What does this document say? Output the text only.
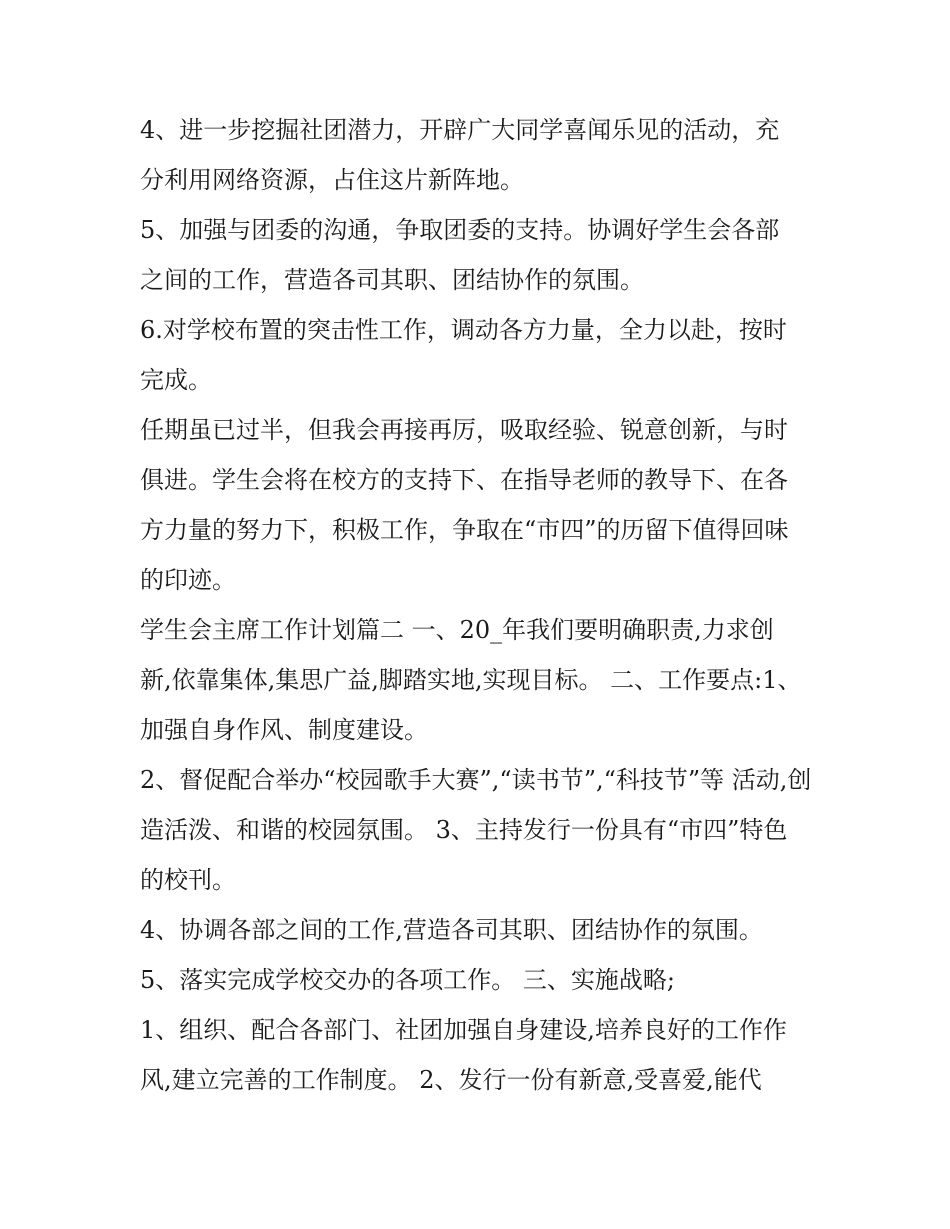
4、进一步挖掘社团潜力，开辟广大同学喜闻乐见的活动，充
分利用网络资源，占住这片新阵地。
5、加强与团委的沟通，争取团委的支持。协调好学生会各部
之间的工作，营造各司其职、团结协作的氛围。
6.对学校布置的突击性工作，调动各方力量，全力以赴，按时
完成。
任期虽已过半，但我会再接再厉，吸取经验、锐意创新，与时
俱进。学生会将在校方的支持下、在指导老师的教导下、在各
方力量的努力下，积极工作，争取在“市四”的历留下值得回味
的印迹。
学生会主席工作计划篇二 一、20_年我们要明确职责,力求创
新,依靠集体,集思广益,脚踏实地,实现目标。 二、工作要点:1、
加强自身作风、制度建设。
2、督促配合举办“校园歌手大赛”,“读书节”,“科技节”等 活动,创
造活泼、和谐的校园氛围。 3、主持发行一份具有“市四”特色
的校刊。
4、协调各部之间的工作,营造各司其职、团结协作的氛围。
5、落实完成学校交办的各项工作。 三、实施战略;
1、组织、配合各部门、社团加强自身建设,培养良好的工作作
风,建立完善的工作制度。 2、发行一份有新意,受喜爱,能代
